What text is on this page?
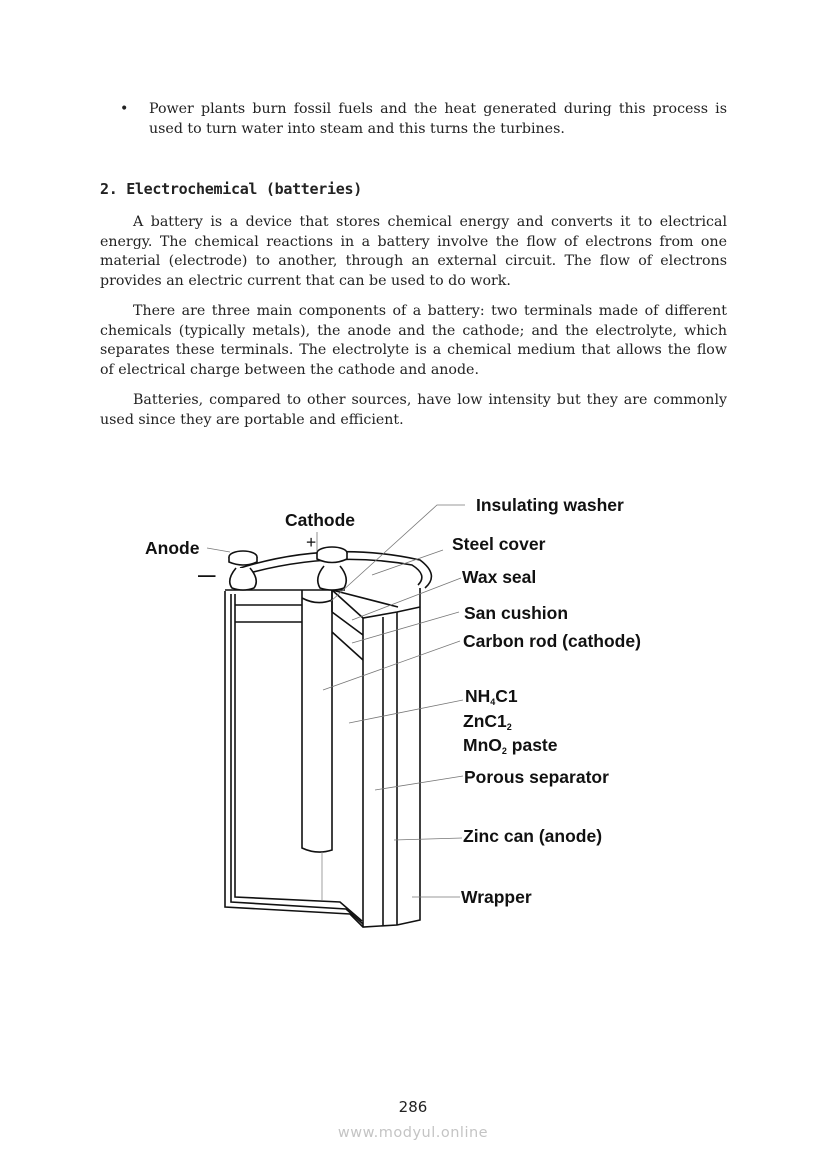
• Power plants burn fossil fuels and the heat generated during this process is used to turn water into steam and this turns the turbines.
2. Electrochemical (batteries)

A battery is a device that stores chemical energy and converts it to electrical energy. The chemical reactions in a battery involve the flow of electrons from one material (electrode) to another, through an external circuit. The flow of electrons provides an electric current that can be used to do work.

There are three main components of a battery: two terminals made of different chemicals (typically metals), the anode and the cathode; and the electrolyte, which separates these terminals. The electrolyte is a chemical medium that allows the flow of electrical charge between the cathode and anode.

Batteries, compared to other sources, have low intensity but they are commonly used since they are portable and efficient.

Anode
—
Cathode
+
Insulating washer
Steel cover
Wax seal
San cushion
Carbon rod (cathode)
NH4C1
ZnC12
MnO2 paste
Porous separator
Zinc can (anode)
Wrapper
286
www.modyul.online
